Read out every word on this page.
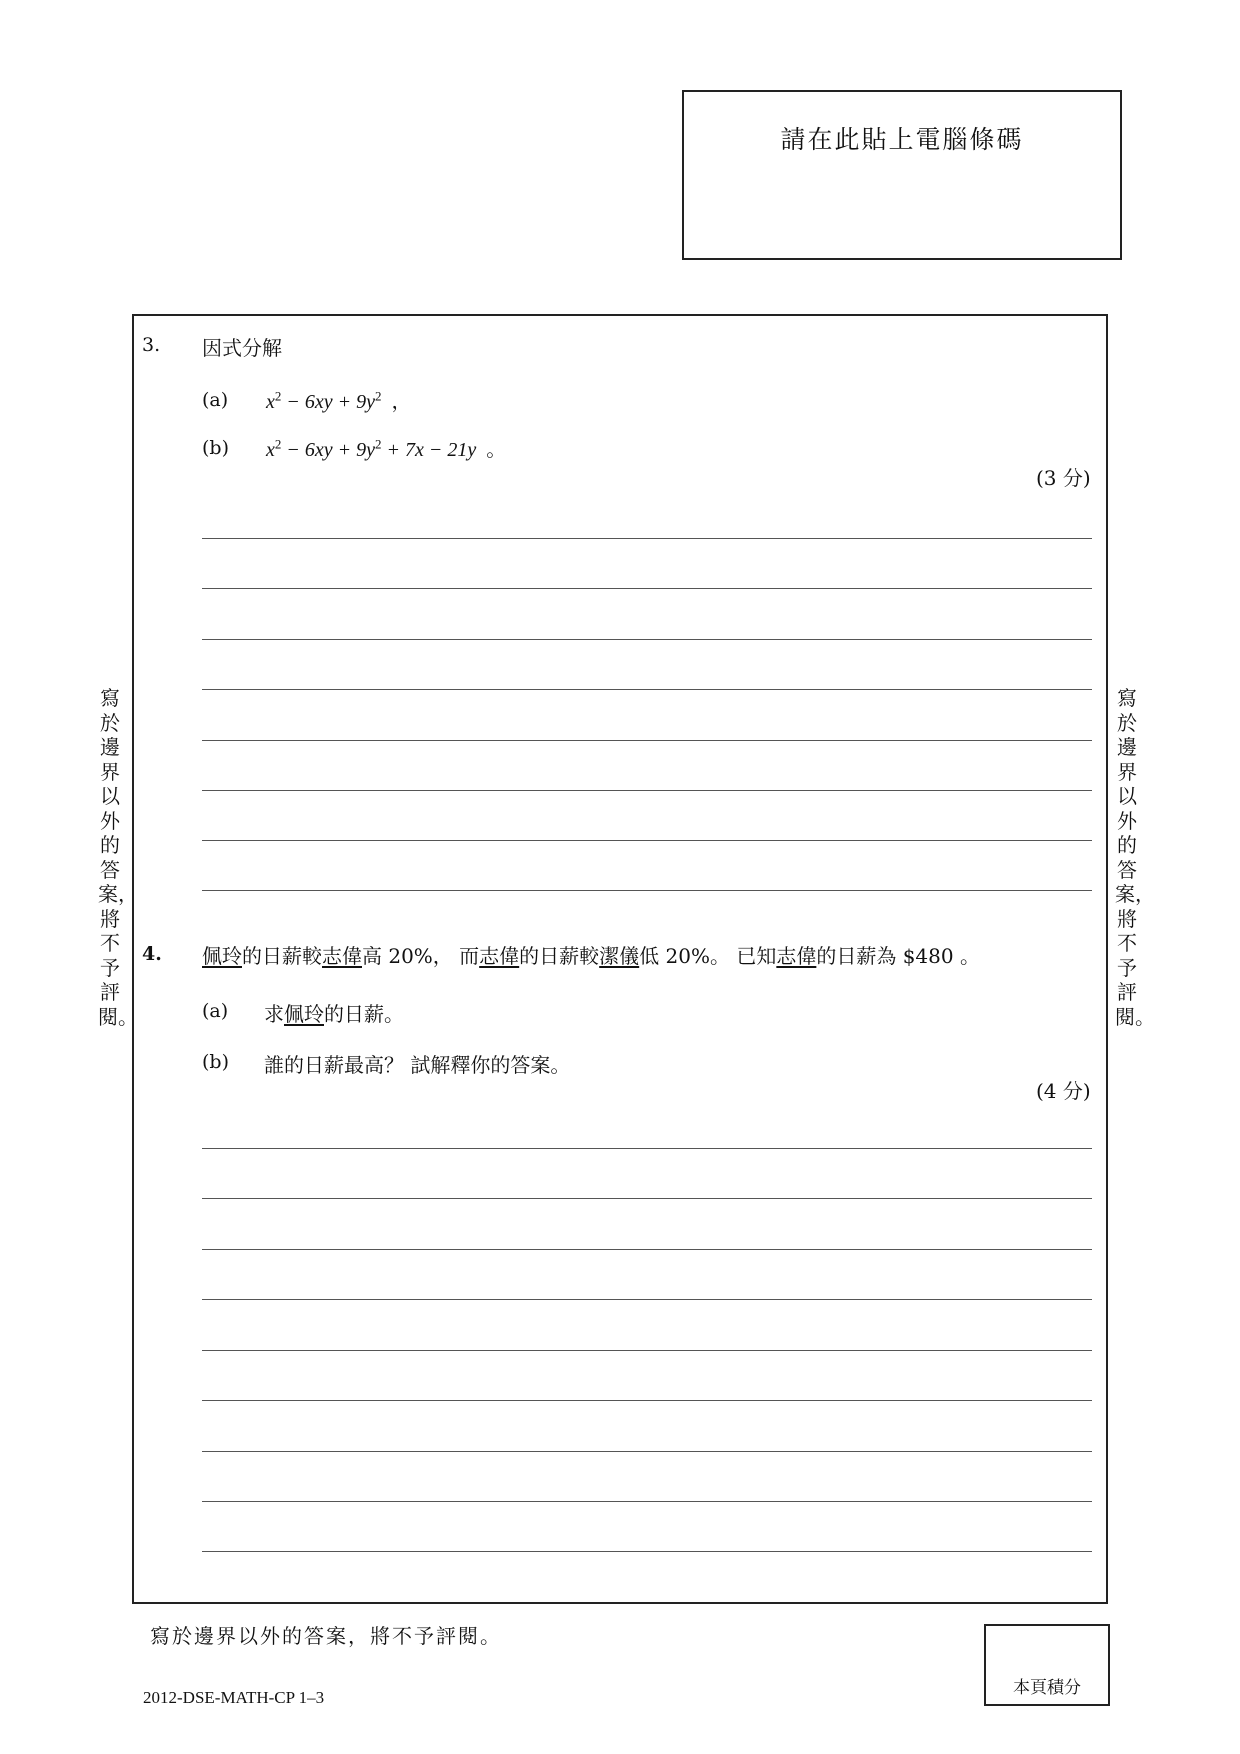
請在此貼上電腦條碼
寫於邊界以外的答案，將不予評閱。
寫於邊界以外的答案，將不予評閱。
3. 因式分解
(a) $x^2 - 6xy + 9y^2$ ，
(b) $x^2 - 6xy + 9y^2 + 7x - 21y$ 。
(3 分)
4. 佩玲的日薪較志偉高 20%， 而志偉的日薪較潔儀低 20%。 已知志偉的日薪為 $480 。
(a) 求佩玲的日薪。
(b) 誰的日薪最高？ 試解釋你的答案。
(4 分)
寫於邊界以外的答案，將不予評閱。
2012-DSE-MATH-CP 1–3	本頁積分
